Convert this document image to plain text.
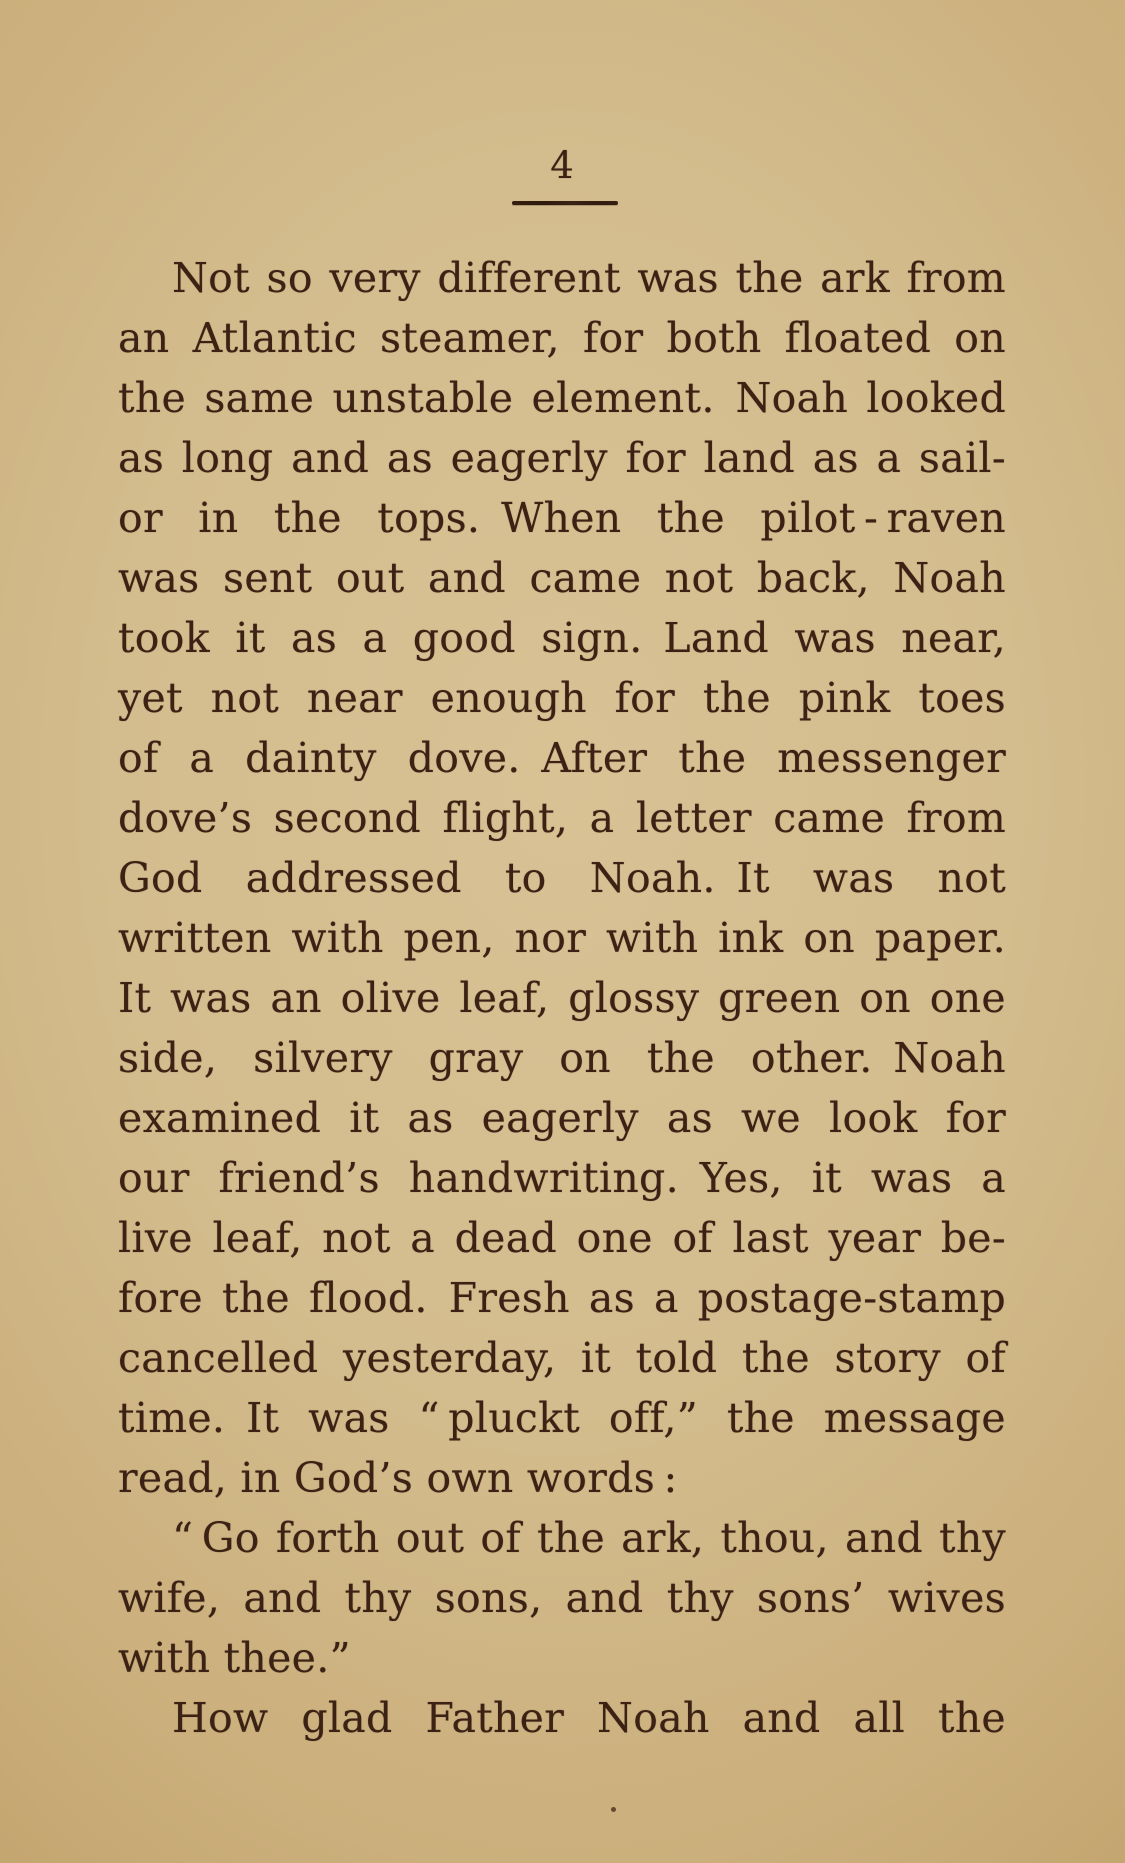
4
Not so very different was the ark from
an Atlantic steamer, for both floated on
the same unstable element. Noah looked
as long and as eagerly for land as a sail-
or in the tops. When the pilot - raven
was sent out and came not back, Noah
took it as a good sign. Land was near,
yet not near enough for the pink toes
of a dainty dove. After the messenger
dove’s second flight, a letter came from
God addressed to Noah. It was not
written with pen, nor with ink on paper.
It was an olive leaf, glossy green on one
side, silvery gray on the other. Noah
examined it as eagerly as we look for
our friend’s handwriting. Yes, it was a
live leaf, not a dead one of last year be-
fore the flood. Fresh as a postage-stamp
cancelled yesterday, it told the story of
time. It was “ pluckt off,” the message
read, in God’s own words :
“ Go forth out of the ark, thou, and thy
wife, and thy sons, and thy sons’ wives
with thee.”
How glad Father Noah and all the
